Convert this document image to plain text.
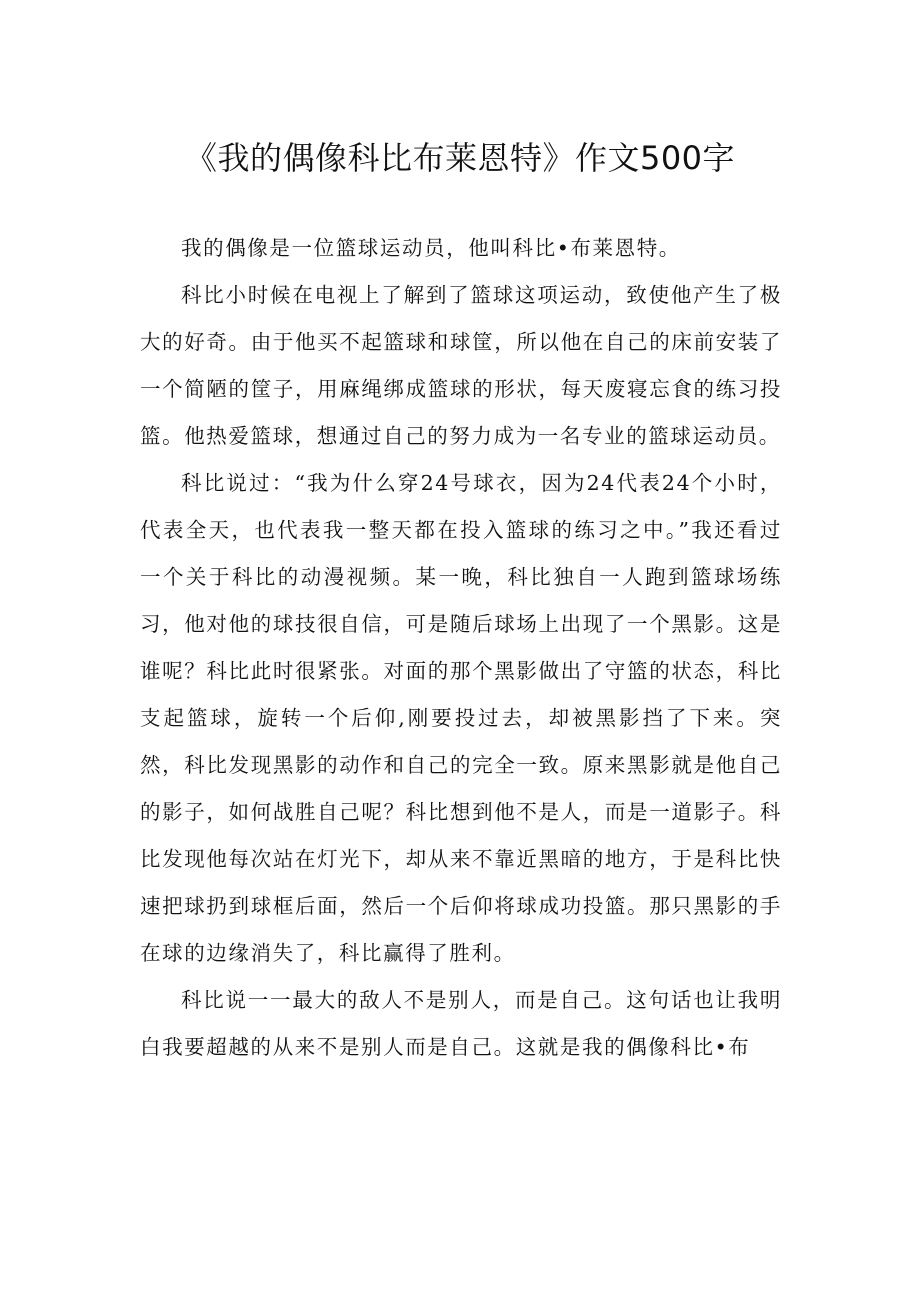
《我的偶像科比布莱恩特》作文500字

我的偶像是一位篮球运动员，他叫科比•布莱恩特。

科比小时候在电视上了解到了篮球这项运动，致使他产生了极大的好奇。由于他买不起篮球和球筐，所以他在自己的床前安装了一个简陋的筐子，用麻绳绑成篮球的形状，每天废寝忘食的练习投篮。他热爱篮球，想通过自己的努力成为一名专业的篮球运动员。

科比说过：“我为什么穿24号球衣，因为24代表24个小时，代表全天，也代表我一整天都在投入篮球的练习之中。”我还看过一个关于科比的动漫视频。某一晚，科比独自一人跑到篮球场练习，他对他的球技很自信，可是随后球场上出现了一个黑影。这是谁呢？科比此时很紧张。对面的那个黑影做出了守篮的状态，科比支起篮球，旋转一个后仰,刚要投过去，却被黑影挡了下来。突然，科比发现黑影的动作和自己的完全一致。原来黑影就是他自己的影子，如何战胜自己呢？科比想到他不是人，而是一道影子。科比发现他每次站在灯光下，却从来不靠近黑暗的地方，于是科比快速把球扔到球框后面，然后一个后仰将球成功投篮。那只黑影的手在球的边缘消失了，科比赢得了胜利。

科比说一一最大的敌人不是别人，而是自己。这句话也让我明白我要超越的从来不是别人而是自己。这就是我的偶像科比•布
